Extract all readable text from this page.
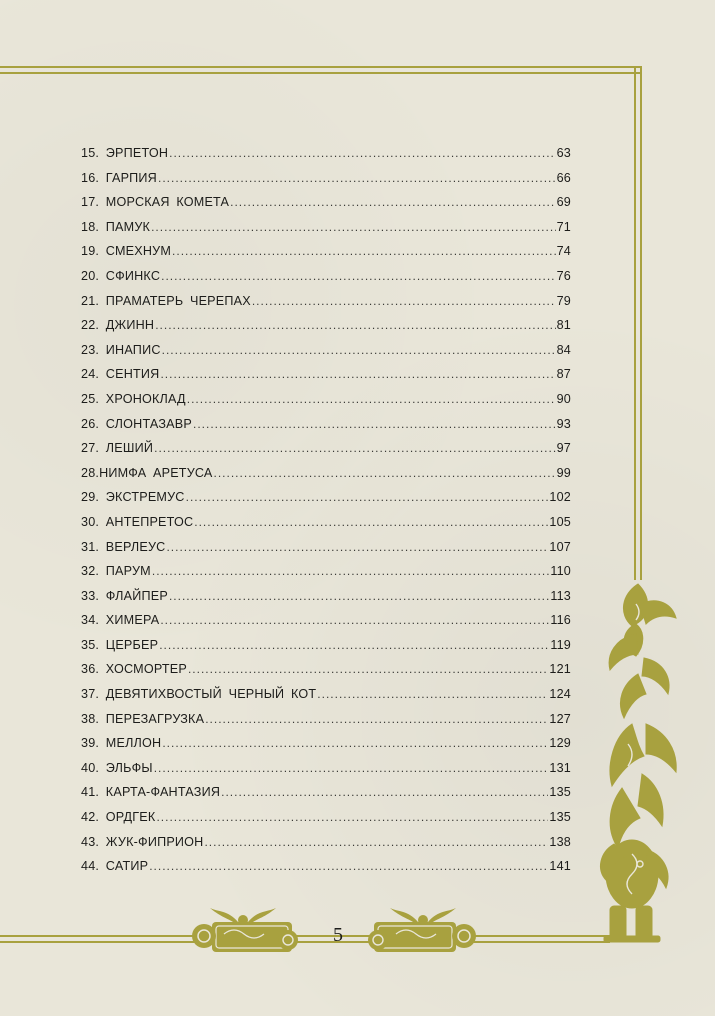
15. ЭРПЕТОН .....	63
16. ГАРПИЯ .....	66
17. МОРСКАЯ КОМЕТА .....	69
18. ПАМУК .....	71
19. СМЕХНУМ .....	74
20. СФИНКС .....	76
21. ПРАМАТЕРЬ ЧЕРЕПАХ .....	79
22. ДЖИНН .....	81
23. ИНАПИС .....	84
24. СЕНТИЯ .....	87
25. ХРОНОКЛАД .....	90
26. СЛОНТАЗАВР .....	93
27. ЛЕШИЙ .....	97
28.НИМФА АРЕТУСА .....	99
29. ЭКСТРЕМУС .....	102
30. АНТЕПРЕТОС .....	105
31. ВЕРЛЕУС .....	107
32. ПАРУМ .....	110
33. ФЛАЙПЕР .....	113
34. ХИМЕРА .....	116
35. ЦЕРБЕР .....	119
36. ХОСМОРТЕР .....	121
37. ДЕВЯТИХВОСТЫЙ ЧЕРНЫЙ КОТ .....	124
38. ПЕРЕЗАГРУЗКА .....	127
39. МЕЛЛОН .....	129
40. ЭЛЬФЫ .....	131
41. КАРТА-ФАНТАЗИЯ .....	135
42. ОРДГЕК .....	135
43. ЖУК-ФИПРИОН .....	138
44. САТИР .....	141
5
